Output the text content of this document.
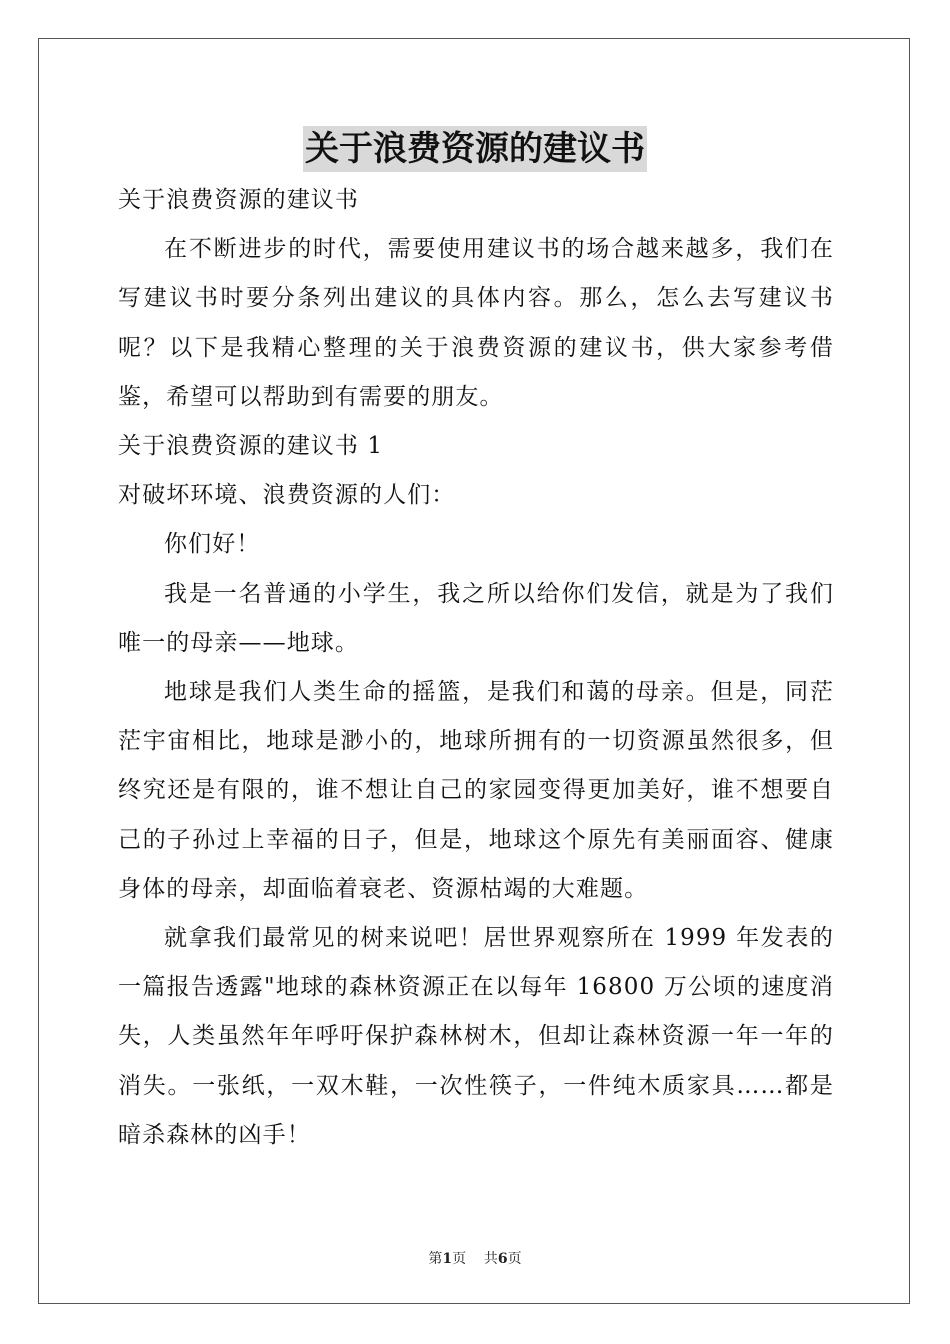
关于浪费资源的建议书
关于浪费资源的建议书
在不断进步的时代，需要使用建议书的场合越来越多，我们在写建议书时要分条列出建议的具体内容。那么，怎么去写建议书呢？以下是我精心整理的关于浪费资源的建议书，供大家参考借鉴，希望可以帮助到有需要的朋友。
关于浪费资源的建议书 1
对破坏环境、浪费资源的人们：
你们好！
我是一名普通的小学生，我之所以给你们发信，就是为了我们唯一的母亲——地球。
地球是我们人类生命的摇篮，是我们和蔼的母亲。但是，同茫茫宇宙相比，地球是渺小的，地球所拥有的一切资源虽然很多，但终究还是有限的，谁不想让自己的家园变得更加美好，谁不想要自己的子孙过上幸福的日子，但是，地球这个原先有美丽面容、健康身体的母亲，却面临着衰老、资源枯竭的大难题。
就拿我们最常见的树来说吧！居世界观察所在 1999 年发表的一篇报告透露"地球的森林资源正在以每年 16800 万公顷的速度消失，人类虽然年年呼吁保护森林树木，但却让森林资源一年一年的消失。一张纸，一双木鞋，一次性筷子，一件纯木质家具……都是暗杀森林的凶手！
第1页 共6页
